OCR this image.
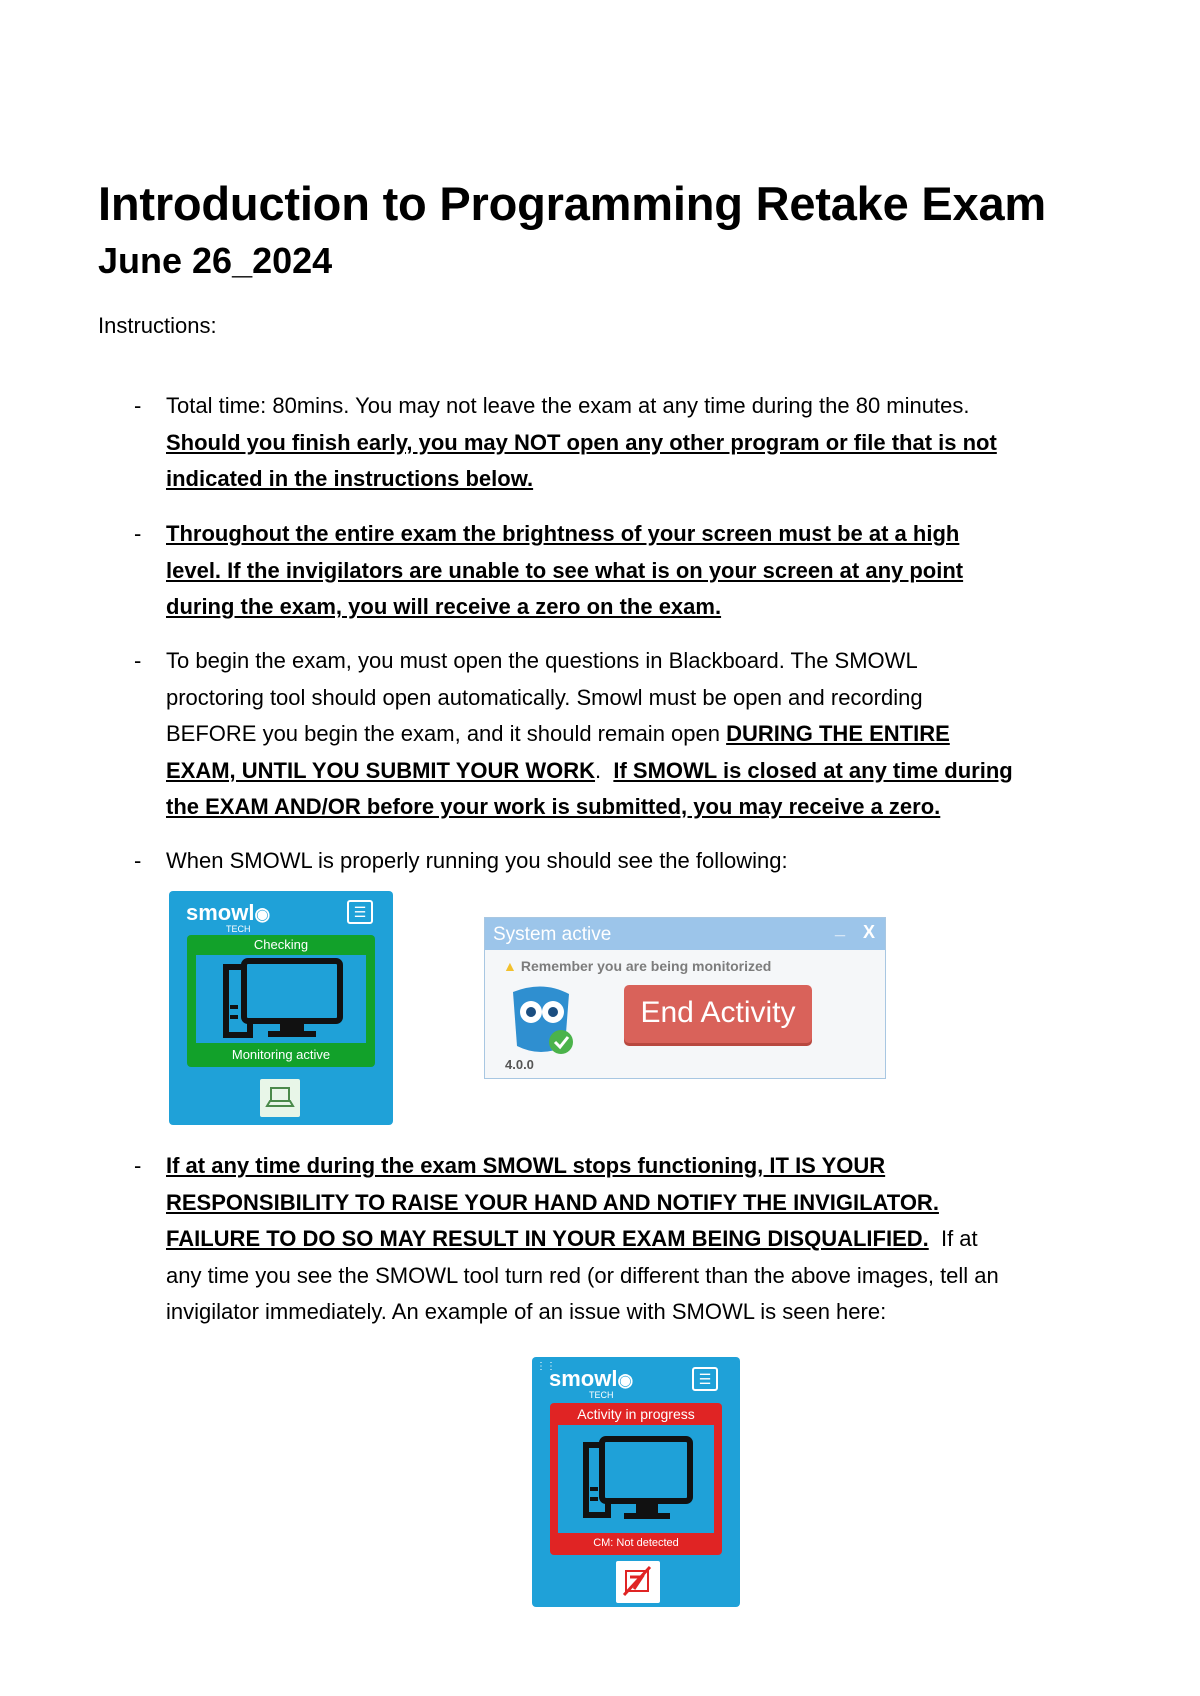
Introduction to Programming Retake Exam
June 26_2024
Instructions:
- Total time: 80mins. You may not leave the exam at any time during the 80 minutes.
Should you finish early, you may NOT open any other program or file that is not
indicated in the instructions below.
- Throughout the entire exam the brightness of your screen must be at a high
level. If the invigilators are unable to see what is on your screen at any point
during the exam, you will receive a zero on the exam.
- To begin the exam, you must open the questions in Blackboard. The SMOWL
proctoring tool should open automatically. Smowl must be open and recording
BEFORE you begin the exam, and it should remain open DURING THE ENTIRE
EXAM, UNTIL YOU SUBMIT YOUR WORK.  If SMOWL is closed at any time during
the EXAM AND/OR before your work is submitted, you may receive a zero.
- When SMOWL is properly running you should see the following:
smowl◉
TECH
☰
Checking
Monitoring active
System active	_ X
▲ Remember you are being monitorized
End Activity
4.0.0
- If at any time during the exam SMOWL stops functioning, IT IS YOUR
RESPONSIBILITY TO RAISE YOUR HAND AND NOTIFY THE INVIGILATOR.
FAILURE TO DO SO MAY RESULT IN YOUR EXAM BEING DISQUALIFIED.  If at
any time you see the SMOWL tool turn red (or different than the above images, tell an
invigilator immediately. An example of an issue with SMOWL is seen here:
⋮⋮
smowl◉
TECH
☰
Activity in progress
CM: Not detected
